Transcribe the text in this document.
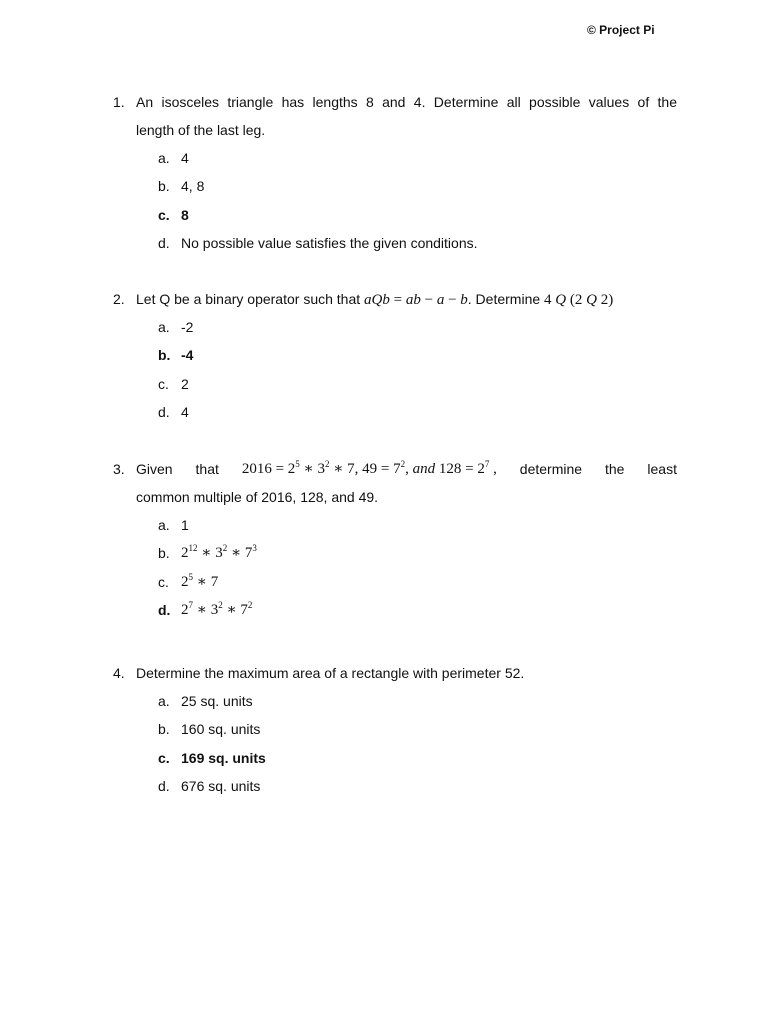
© Project Pi
1. An isosceles triangle has lengths 8 and 4. Determine all possible values of the
length of the last leg.
a. 4
b. 4, 8
c. 8
d. No possible value satisfies the given conditions.
2. Let Q be a binary operator such that aQb = ab − a − b. Determine 4 Q (2 Q 2)
a. -2
b. -4
c. 2
d. 4
3. Given that $2016 = 2^5$ ∗ $3^2$ ∗ 7, $49 = 7^2$, and $128 = 2^7$ , determine the least
common multiple of 2016, 128, and 49.
a. 1
b. $2^{12}$ ∗ $3^2$ ∗ $7^3$
c. $2^5$ ∗ 7
d. $2^7$ ∗ $3^2$ ∗ $7^2$
4. Determine the maximum area of a rectangle with perimeter 52.
a. 25 sq. units
b. 160 sq. units
c. 169 sq. units
d. 676 sq. units
